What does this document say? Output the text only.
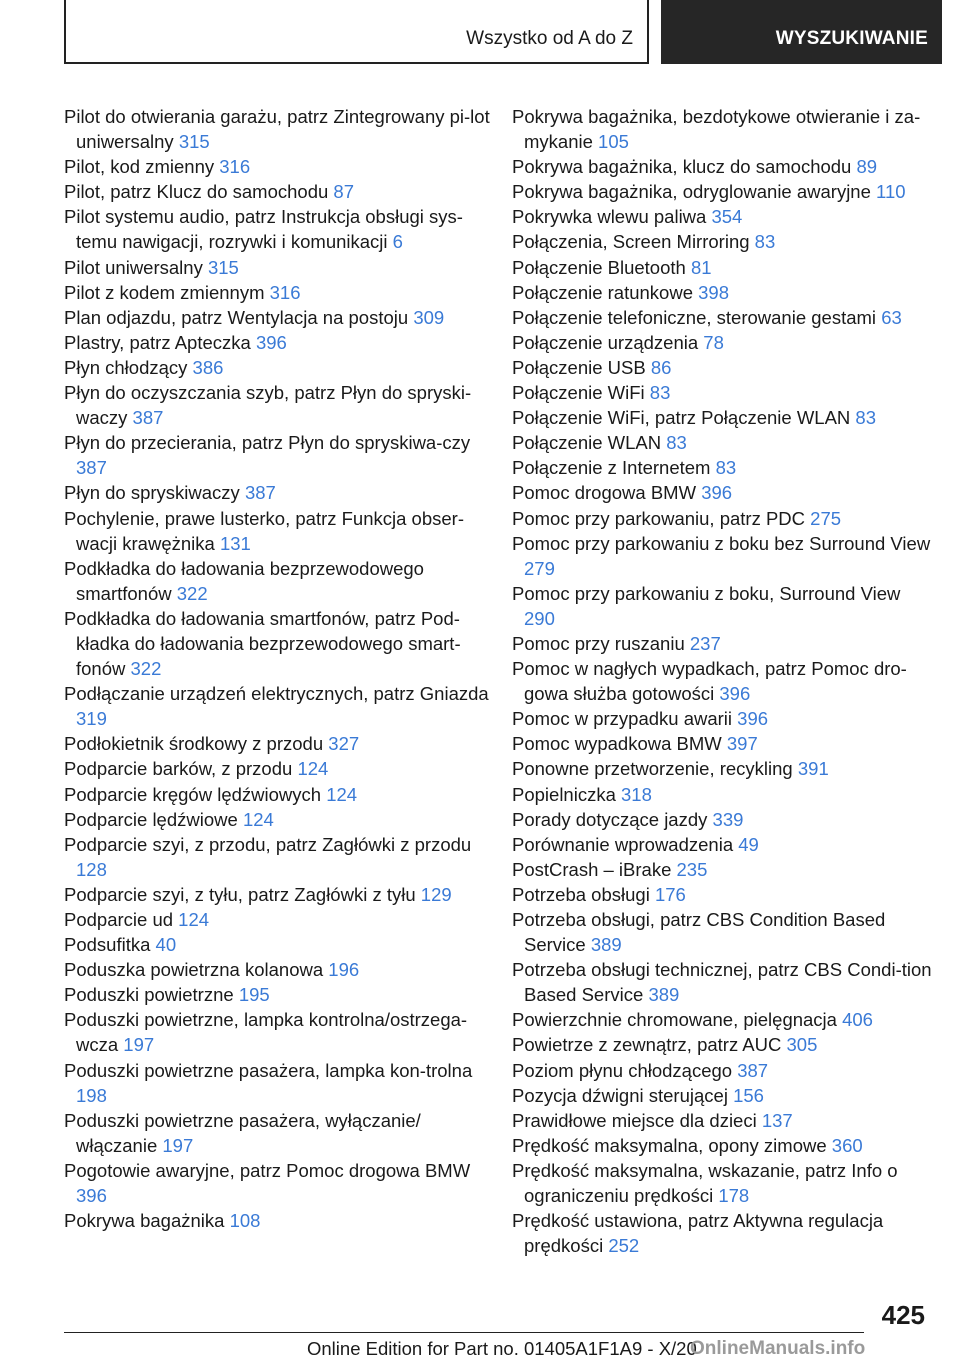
Wszystko od A do Z	WYSZUKIWANIE
Pilot do otwierania garażu, patrz Zintegrowany pi-lot uniwersalny 315
Pilot, kod zmienny 316
Pilot, patrz Klucz do samochodu 87
Pilot systemu audio, patrz Instrukcja obsługi sys-temu nawigacji, rozrywki i komunikacji 6
Pilot uniwersalny 315
Pilot z kodem zmiennym 316
Plan odjazdu, patrz Wentylacja na postoju 309
Plastry, patrz Apteczka 396
Płyn chłodzący 386
Płyn do oczyszczania szyb, patrz Płyn do spryski-waczy 387
Płyn do przecierania, patrz Płyn do spryskiwa-czy 387
Płyn do spryskiwaczy 387
Pochylenie, prawe lusterko, patrz Funkcja obser-wacji krawężnika 131
Podkładka do ładowania bezprzewodowego smartfonów 322
Podkładka do ładowania smartfonów, patrz Pod-kładka do ładowania bezprzewodowego smart-fonów 322
Podłączanie urządzeń elektrycznych, patrz Gniazda 319
Podłokietnik środkowy z przodu 327
Podparcie barków, z przodu 124
Podparcie kręgów lędźwiowych 124
Podparcie lędźwiowe 124
Podparcie szyi, z przodu, patrz Zagłówki z przodu 128
Podparcie szyi, z tyłu, patrz Zagłówki z tyłu 129
Podparcie ud 124
Podsufitka 40
Poduszka powietrzna kolanowa 196
Poduszki powietrzne 195
Poduszki powietrzne, lampka kontrolna/ostrzega-wcza 197
Poduszki powietrzne pasażera, lampka kon-trolna 198
Poduszki powietrzne pasażera, wyłączanie/ włączanie 197
Pogotowie awaryjne, patrz Pomoc drogowa BMW 396
Pokrywa bagażnika 108
Pokrywa bagażnika, bezdotykowe otwieranie i za-mykanie 105
Pokrywa bagażnika, klucz do samochodu 89
Pokrywa bagażnika, odryglowanie awaryjne 110
Pokrywka wlewu paliwa 354
Połączenia, Screen Mirroring 83
Połączenie Bluetooth 81
Połączenie ratunkowe 398
Połączenie telefoniczne, sterowanie gestami 63
Połączenie urządzenia 78
Połączenie USB 86
Połączenie WiFi 83
Połączenie WiFi, patrz Połączenie WLAN 83
Połączenie WLAN 83
Połączenie z Internetem 83
Pomoc drogowa BMW 396
Pomoc przy parkowaniu, patrz PDC 275
Pomoc przy parkowaniu z boku bez Surround View 279
Pomoc przy parkowaniu z boku, Surround View 290
Pomoc przy ruszaniu 237
Pomoc w nagłych wypadkach, patrz Pomoc dro-gowa służba gotowości 396
Pomoc w przypadku awarii 396
Pomoc wypadkowa BMW 397
Ponowne przetworzenie, recykling 391
Popielniczka 318
Porady dotyczące jazdy 339
Porównanie wprowadzenia 49
PostCrash – iBrake 235
Potrzeba obsługi 176
Potrzeba obsługi, patrz CBS Condition Based Service 389
Potrzeba obsługi technicznej, patrz CBS Condi-tion Based Service 389
Powierzchnie chromowane, pielęgnacja 406
Powietrze z zewnątrz, patrz AUC 305
Poziom płynu chłodzącego 387
Pozycja dźwigni sterującej 156
Prawidłowe miejsce dla dzieci 137
Prędkość maksymalna, opony zimowe 360
Prędkość maksymalna, wskazanie, patrz Info o ograniczeniu prędkości 178
Prędkość ustawiona, patrz Aktywna regulacja prędkości 252
425
Online Edition for Part no. 01405A1F1A9 - X/20
OnlineManuals.info
